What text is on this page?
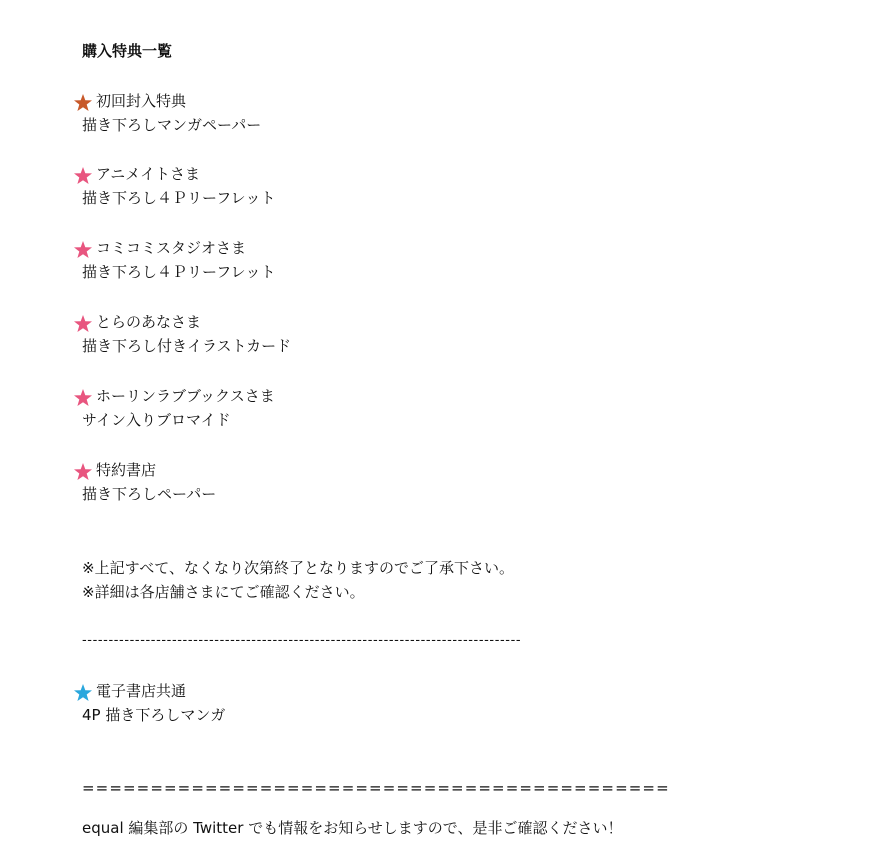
購入特典一覧
初回封入特典
描き下ろしマンガペーパー
アニメイトさま
描き下ろし４Ｐリーフレット
コミコミスタジオさま
描き下ろし４Ｐリーフレット
とらのあなさま
描き下ろし付きイラストカード
ホーリンラブブックスさま
サイン入りブロマイド
特約書店
描き下ろしペーパー
※上記すべて、なくなり次第終了となりますのでご了承下さい。
※詳細は各店舗さまにてご確認ください。
-----------------------------------------------------------------------------------
電子書店共通
4P 描き下ろしマンガ
===========================================
equal 編集部の Twitter でも情報をお知らせしますので、是非ご確認ください！
